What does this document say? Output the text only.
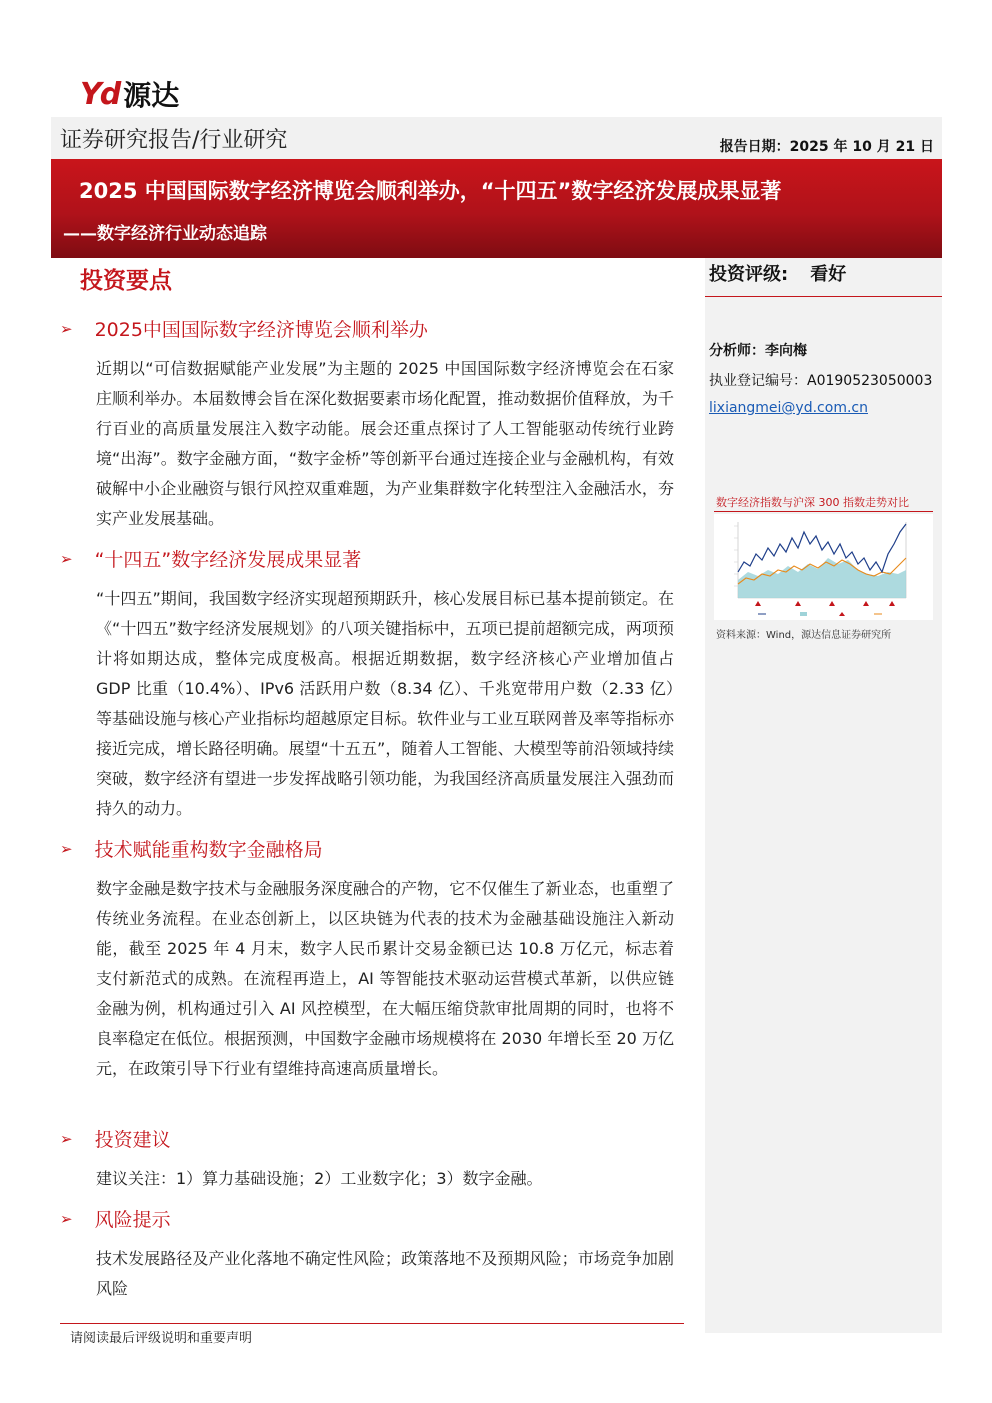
Yd 源达
证券研究报告/行业研究	报告日期：2025 年 10 月 21 日
2025 中国国际数字经济博览会顺利举办，“十四五”数字经济发展成果显著
——数字经济行业动态追踪
投资评级: 看好
分析师：李向梅
执业登记编号：A0190523050003
lixiangmei@yd.com.cn
数字经济指数与沪深 300 指数走势对比
资料来源：Wind，源达信息证券研究所
投资要点
➢ 2025中国国际数字经济博览会顺利举办
近期以“可信数据赋能产业发展”为主题的 2025 中国国际数字经济博览会在石家庄顺利举办。本届数博会旨在深化数据要素市场化配置，推动数据价值释放，为千行百业的高质量发展注入数字动能。展会还重点探讨了人工智能驱动传统行业跨境“出海”。数字金融方面，“数字金桥”等创新平台通过连接企业与金融机构，有效破解中小企业融资与银行风控双重难题，为产业集群数字化转型注入金融活水，夯实产业发展基础。
➢ “十四五”数字经济发展成果显著
“十四五”期间，我国数字经济实现超预期跃升，核心发展目标已基本提前锁定。在《“十四五”数字经济发展规划》的八项关键指标中，五项已提前超额完成，两项预计将如期达成，整体完成度极高。根据近期数据，数字经济核心产业增加值占 GDP 比重（10.4%）、IPv6 活跃用户数（8.34 亿）、千兆宽带用户数（2.33 亿）等基础设施与核心产业指标均超越原定目标。软件业与工业互联网普及率等指标亦接近完成，增长路径明确。展望“十五五”，随着人工智能、大模型等前沿领域持续突破，数字经济有望进一步发挥战略引领功能，为我国经济高质量发展注入强劲而持久的动力。
➢ 技术赋能重构数字金融格局
数字金融是数字技术与金融服务深度融合的产物，它不仅催生了新业态，也重塑了传统业务流程。在业态创新上，以区块链为代表的技术为金融基础设施注入新动能，截至 2025 年 4 月末，数字人民币累计交易金额已达 10.8 万亿元，标志着支付新范式的成熟。在流程再造上，AI 等智能技术驱动运营模式革新，以供应链金融为例，机构通过引入 AI 风控模型，在大幅压缩贷款审批周期的同时，也将不良率稳定在低位。根据预测，中国数字金融市场规模将在 2030 年增长至 20 万亿元，在政策引导下行业有望维持高速高质量增长。
➢ 投资建议
建议关注：1）算力基础设施；2）工业数字化；3）数字金融。
➢ 风险提示
技术发展路径及产业化落地不确定性风险；政策落地不及预期风险；市场竞争加剧风险
请阅读最后评级说明和重要声明
